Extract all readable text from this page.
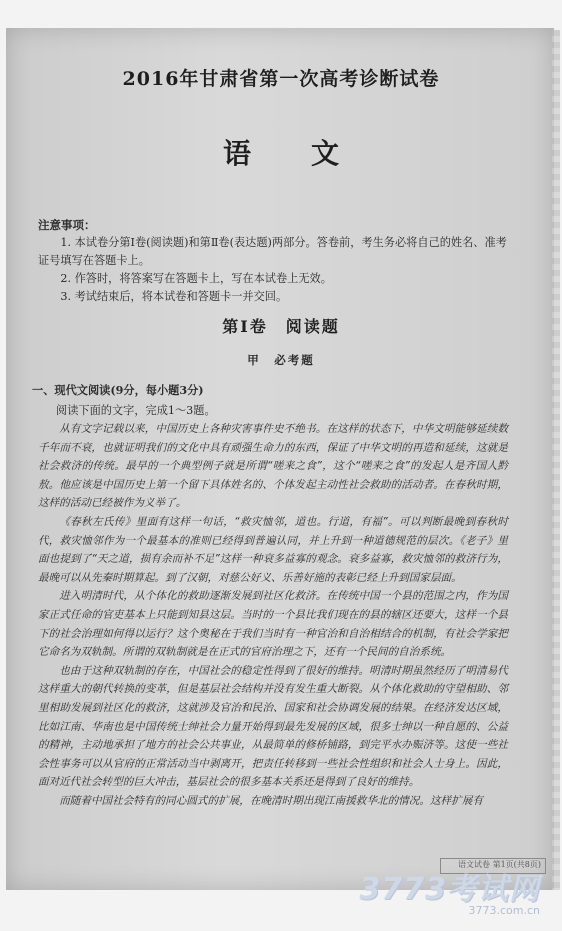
2016年甘肃省第一次高考诊断试卷
语文
注意事项：

1. 本试卷分第Ⅰ卷(阅读题)和第Ⅱ卷(表达题)两部分。答卷前，考生务必将自己的姓名、准考证号填写在答题卡上。

2. 作答时，将答案写在答题卡上，写在本试卷上无效。

3. 考试结束后，将本试卷和答题卡一并交回。

第Ⅰ卷　阅读题
甲　必考题
一、现代文阅读(9分，每小题3分)
阅读下面的文字，完成1～3题。

从有文字记载以来，中国历史上各种灾害事件史不绝书。在这样的状态下，中华文明能够延续数千年而不衰，也就证明我们的文化中具有顽强生命力的东西，保证了中华文明的再造和延续，这就是社会救济的传统。最早的一个典型例子就是所谓“嗟来之食”，这个“嗟来之食”的发起人是齐国人黔敖。他应该是中国历史上第一个留下具体姓名的、个体发起主动性社会救助的活动者。在春秋时期，这样的活动已经被作为义举了。

《春秋左氏传》里面有这样一句话，“救灾恤邻，道也。行道，有福”。可以判断最晚到春秋时代，救灾恤邻作为一个最基本的准则已经得到普遍认同，并上升到一种道德规范的层次。《老子》里面也提到了“天之道，损有余而补不足”这样一种衰多益寡的观念。衰多益寡，救灾恤邻的救济行为，最晚可以从先秦时期算起。到了汉朝，对慈公好义、乐善好施的表彰已经上升到国家层面。

进入明清时代，从个体化的救助逐渐发展到社区化救济。在传统中国一个县的范围之内，作为国家正式任命的官吏基本上只能到知县这层。当时的一个县比我们现在的县的辖区还要大，这样一个县下的社会治理如何得以运行？这个奥秘在于我们当时有一种官治和自治相结合的机制，有社会学家把它命名为双轨制。所谓的双轨制就是在正式的官府治理之下，还有一个民间的自治系统。

也由于这种双轨制的存在，中国社会的稳定性得到了很好的维持。明清时期虽然经历了明清易代这样重大的朝代转换的变革，但是基层社会结构并没有发生重大断裂。从个体化救助的守望相助、邻里相助发展到社区化的救济，这就涉及官治和民治、国家和社会协调发展的结果。在经济发达区域，比如江南、华南也是中国传统士绅社会力量开始得到最先发展的区域，很多士绅以一种自愿的、公益的精神，主动地承担了地方的社会公共事业，从最简单的修桥铺路，到完平水办赈济等。这使一些社会性事务可以从官府的正常活动当中剥离开，把责任转移到一些社会性组织和社会人士身上。因此，面对近代社会转型的巨大冲击，基层社会的很多基本关系还是得到了良好的维持。

而随着中国社会特有的同心圆式的扩展，在晚清时期出现江南援救华北的情况。这样扩展有

语文试卷 第1页(共8页)
3773考试网
3773.com.cn
